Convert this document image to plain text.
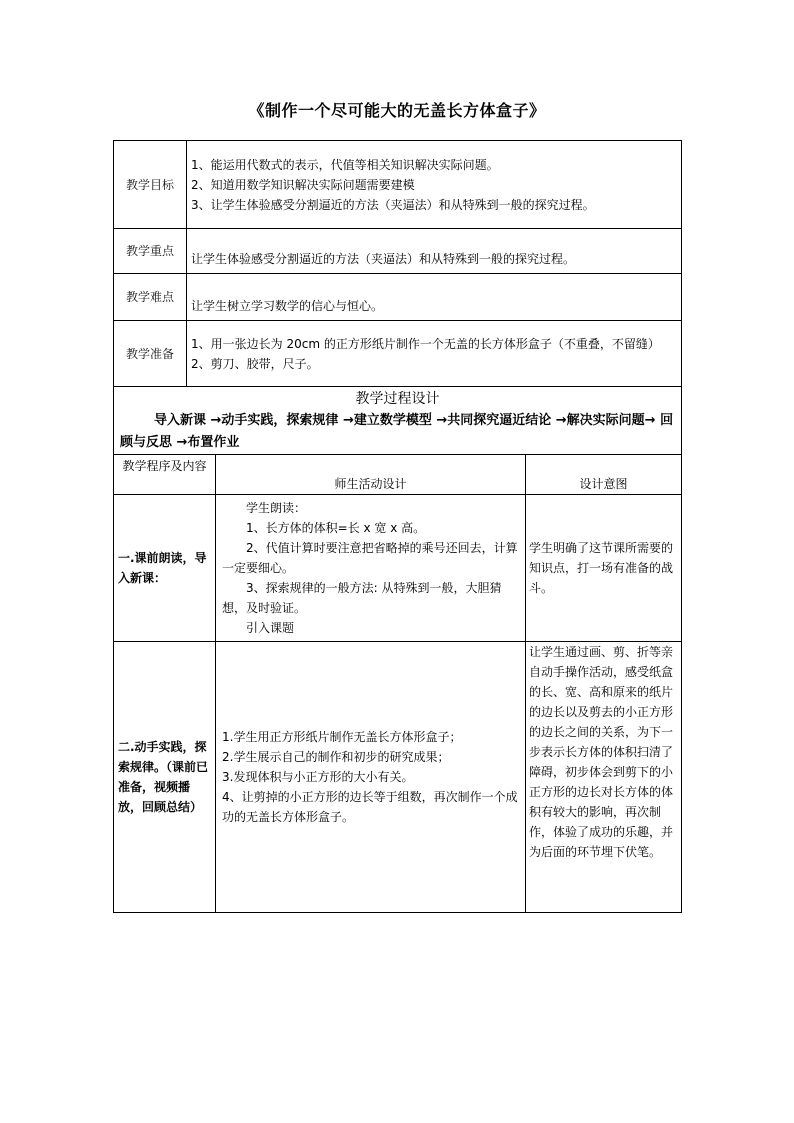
《制作一个尽可能大的无盖长方体盒子》
教学目标	1、能运用代数式的表示，代值等相关知识解决实际问题。

2、知道用数学知识解决实际问题需要建模

3、让学生体验感受分割逼近的方法（夹逼法）和从特殊到一般的探究过程。		

教学重点	让学生体验感受分割逼近的方法（夹逼法）和从特殊到一般的探究过程。		
教学难点	让学生树立学习数学的信心与恒心。		
教学准备	1、用一张边长为 20cm 的正方形纸片制作一个无盖的长方体形盒子（不重叠，不留缝）

2、剪刀、胶带，尺子。		

教学过程设计
导入新课 →动手实践，探索规律 →建立数学模型 →共同探究逼近结论 →解决实际问题→ 回顾与反思 →布置作业			

教学程序及内容		师生活动设计	设计意图
一.课前朗读，导入新课：		学生朗读：

1、长方体的体积=长 x 宽 x 高。

2、代值计算时要注意把省略掉的乘号还回去，计算一定要细心。

3、探索规律的一般方法: 从特殊到一般，大胆猜想，及时验证。

引入课题	学生明确了这节课所需要的知识点，打一场有准备的战斗。
二.动手实践，探索规律。（课前已准备，视频播放，回顾总结）		1.学生用正方形纸片制作无盖长方体形盒子；

2.学生展示自己的制作和初步的研究成果；

3.发现体积与小正方形的大小有关。

4、让剪掉的小正方形的边长等于组数，再次制作一个成功的无盖长方体形盒子。	让学生通过画、剪、折等亲自动手操作活动，感受纸盒的长、宽、高和原来的纸片的边长以及剪去的小正方形的边长之间的关系，为下一步表示长方体的体积扫清了障碍，初步体会到剪下的小正方形的边长对长方体的体积有较大的影响，再次制作，体验了成功的乐趣，并为后面的环节埋下伏笔。
